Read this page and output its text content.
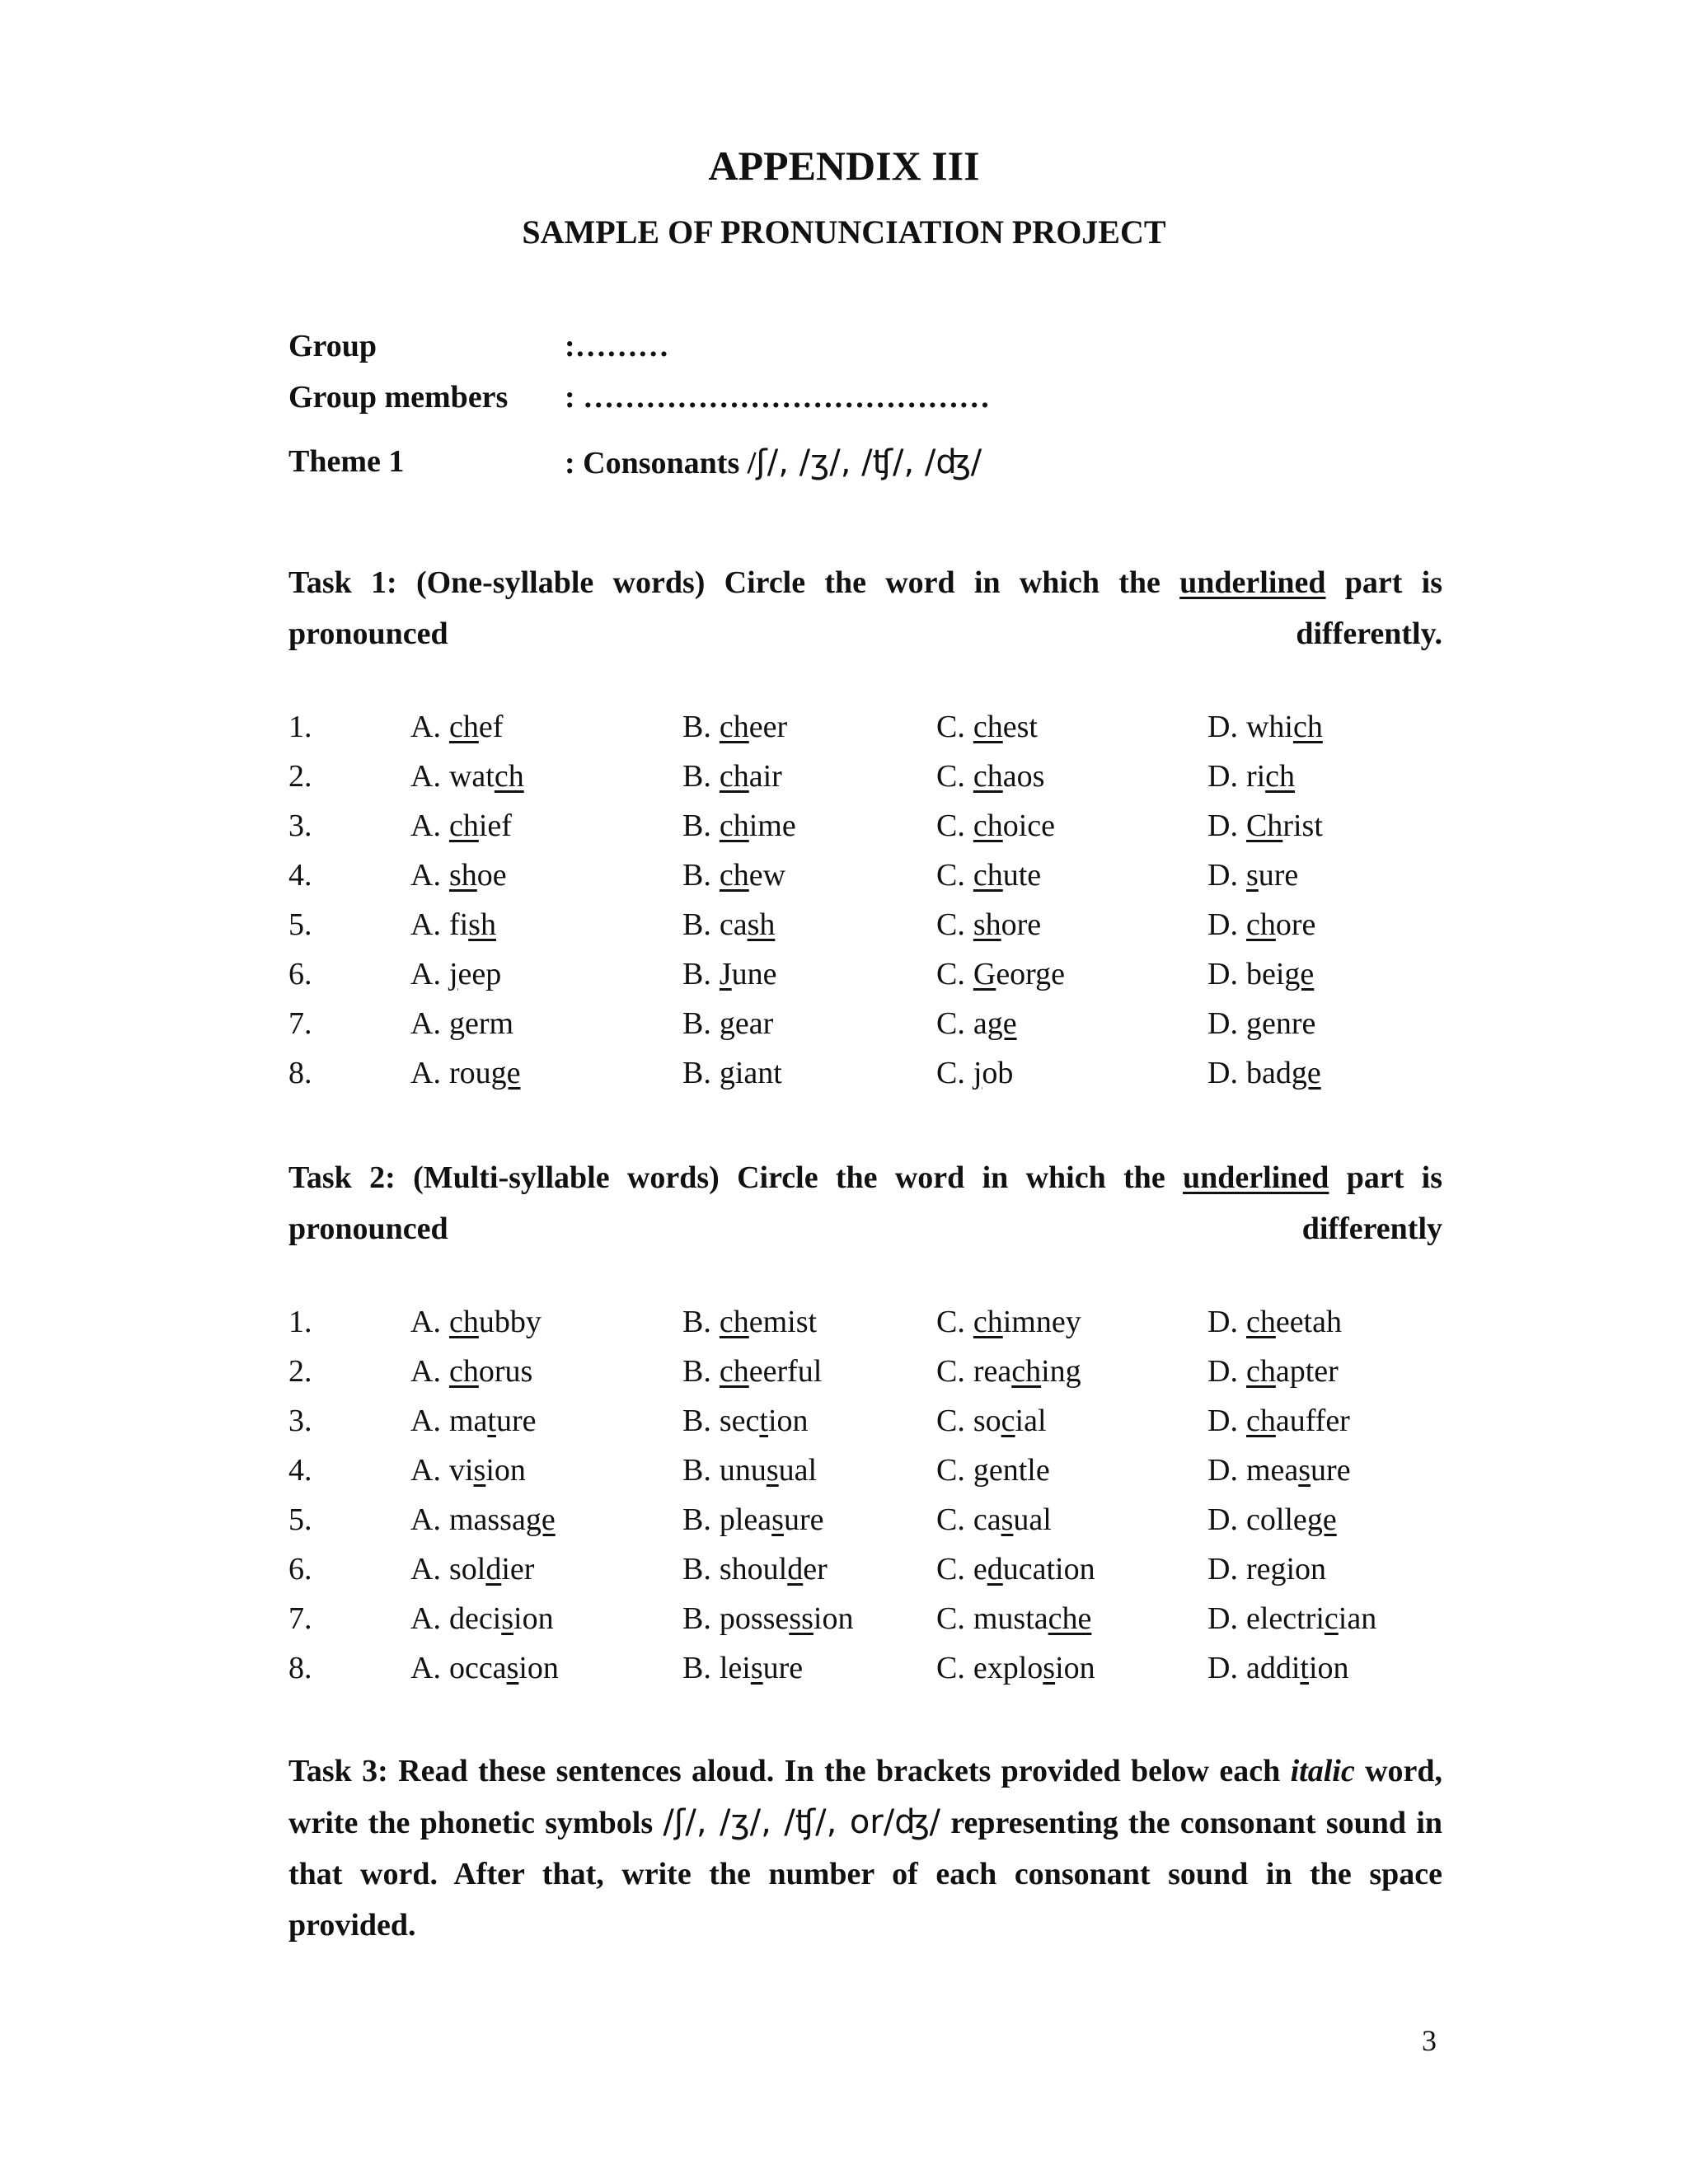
APPENDIX III
SAMPLE OF PRONUNCIATION PROJECT
Group	:………
Group members : …………………………………
Theme 1	: Consonants /ʃ/, /ʒ/, /ʧ/, /ʤ/
Task 1: (One-syllable words) Circle the word in which the underlined part is pronounced differently.
1.	A. chef	B. cheer	C. chest	D. which
2.	A. watch	B. chair	C. chaos	D. rich
3.	A. chief	B. chime	C. choice	D. Christ
4.	A. shoe	B. chew	C. chute	D. sure
5.	A. fish	B. cash	C. shore	D. chore
6.	A. jeep	B. June	C. George	D. beige
7.	A. germ	B. gear	C. age	D. genre
8.	A. rouge	B. giant	C. job	D. badge
Task 2: (Multi-syllable words) Circle the word in which the underlined part is pronounced differently
1.	A. chubby	B. chemist	C. chimney	D. cheetah
2.	A. chorus	B. cheerful	C. reaching	D. chapter
3.	A. mature	B. section	C. social	D. chauffer
4.	A. vision	B. unusual	C. gentle	D. measure
5.	A. massage	B. pleasure	C. casual	D. college
6.	A. soldier	B. shoulder	C. education	D. region
7.	A. decision	B. possession	C. mustache	D. electrician
8.	A. occasion	B. leisure	C. explosion	D. addition
Task 3: Read these sentences aloud. In the brackets provided below each italic word, write the phonetic symbols /ʃ/, /ʒ/, /ʧ/, or/ʤ/ representing the consonant sound in that word. After that, write the number of each consonant sound in the space provided.
3
